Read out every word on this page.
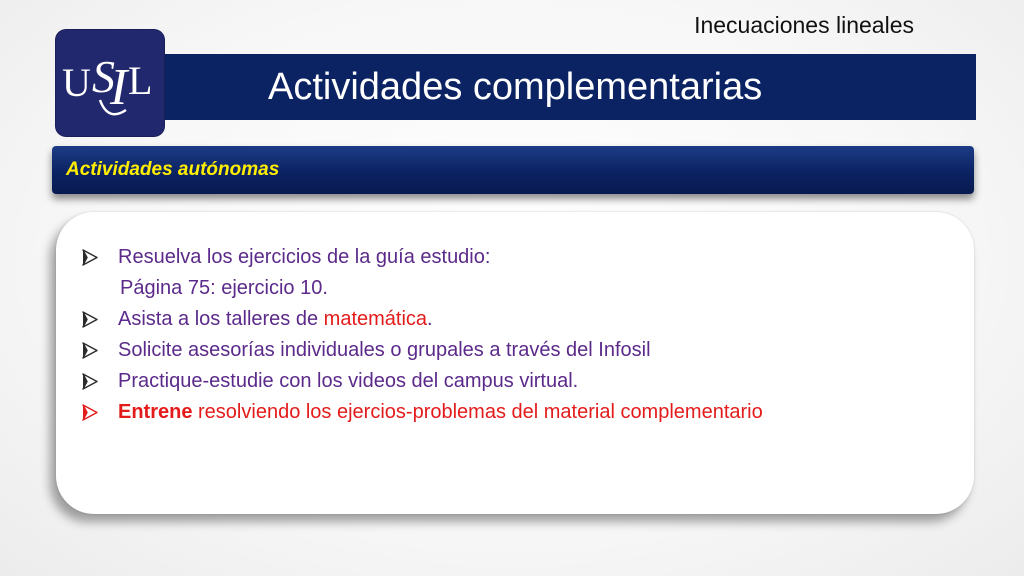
Inecuaciones lineales
Actividades complementarias
U S
I L
Actividades autónomas
Resuelva los ejercicios de la guía estudio:
Página 75: ejercicio 10.
Asista a los talleres de matemática.
Solicite asesorías individuales o grupales a través del Infosil
Practique-estudie con los videos del campus virtual.
Entrene resolviendo los ejercios-problemas del material complementario
